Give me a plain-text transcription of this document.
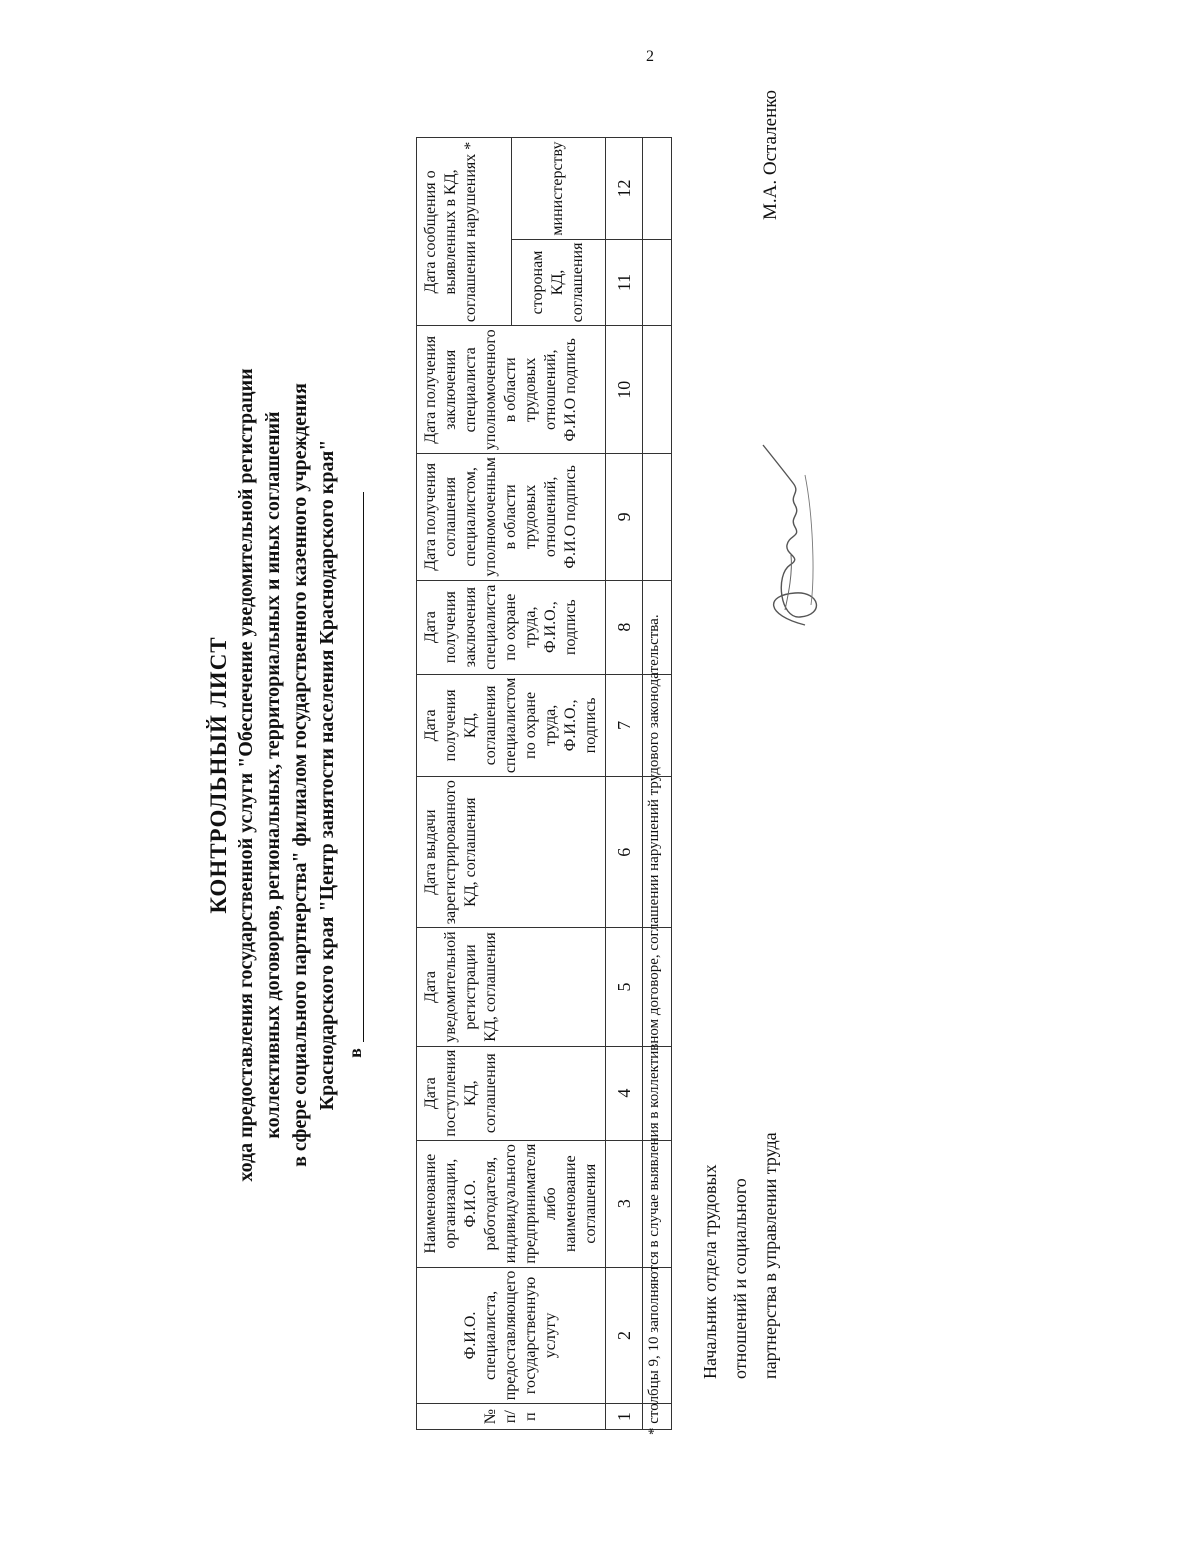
2
КОНТРОЛЬНЫЙ ЛИСТ хода предоставления государственной услуги "Обеспечение уведомительной регистрации коллективных договоров, региональных, территориальных и иных соглашений в сфере социального партнерства" филиалом государственного казенного учреждения Краснодарского края "Центр занятости населения Краснодарского края" в
№ п/п	Ф.И.О. специалиста, предоставляющего государственную услугу	Наименование организации, Ф.И.О. работодателя, индивидуального предпринимателя либо наименование соглашения	Дата поступления КД, соглашения	Дата уведомительной регистрации КД, соглашения	Дата выдачи зарегистрированного КД, соглашения	Дата получения КД, соглашения специалистом по охране труда, Ф.И.О., подпись	Дата получения заключения специалиста по охране труда, Ф.И.О., подпись	Дата получения соглашения специалистом, уполномоченным в области трудовых отношений, Ф.И.О подпись	Дата получения заключения специалиста уполномоченного в области трудовых отношений, Ф.И.О подпись	Дата сообщения о выявленных в КД, соглашении нарушениях *		
										сторонам КД, соглашения	министерству	
1	2	3	4	5	6	7	8	9	10	11	12	

* столбцы 9, 10 заполняются в случае выявления в коллективном договоре, соглашении нарушений трудового законодательства. Начальник отдела трудовых отношений и социального партнерства в управлении труда
М.А. Осталенко
